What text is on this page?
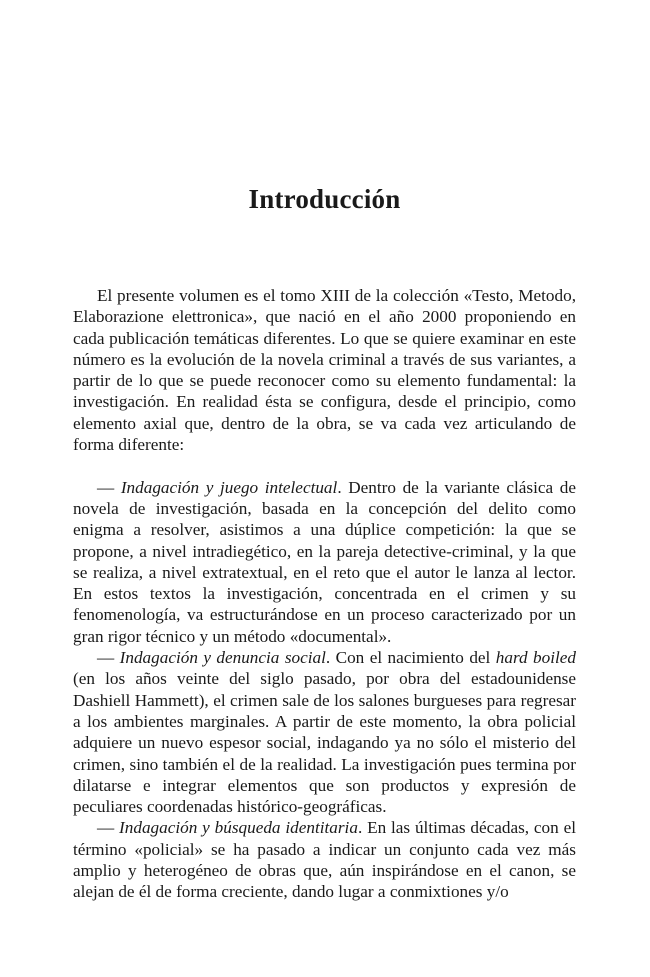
Introducción

El presente volumen es el tomo XIII de la colección «Testo, Metodo, Elaborazione elettronica», que nació en el año 2000 proponiendo en cada publicación temáticas diferentes. Lo que se quiere examinar en este número es la evolución de la novela criminal a través de sus variantes, a partir de lo que se puede reconocer como su elemento fundamental: la investigación. En realidad ésta se configura, desde el principio, como elemento axial que, dentro de la obra, se va cada vez articulando de forma diferente:

— Indagación y juego intelectual. Dentro de la variante clásica de novela de investigación, basada en la concepción del delito como enigma a resolver, asistimos a una dúplice competición: la que se propone, a nivel intradiegético, en la pareja detective-criminal, y la que se realiza, a nivel extratextual, en el reto que el autor le lanza al lector. En estos textos la investigación, concentrada en el crimen y su fenomenología, va estructurándose en un proceso caracterizado por un gran rigor técnico y un método «documental».

— Indagación y denuncia social. Con el nacimiento del hard boiled (en los años veinte del siglo pasado, por obra del estadounidense Dashiell Hammett), el crimen sale de los salones burgueses para regresar a los ambientes marginales. A partir de este momento, la obra policial adquiere un nuevo espesor social, indagando ya no sólo el misterio del crimen, sino también el de la realidad. La investigación pues termina por dilatarse e integrar elementos que son productos y expresión de peculiares coordenadas histórico-geográficas.

— Indagación y búsqueda identitaria. En las últimas décadas, con el término «policial» se ha pasado a indicar un conjunto cada vez más amplio y heterogéneo de obras que, aún inspirándose en el canon, se alejan de él de forma creciente, dando lugar a conmixtiones y/o
